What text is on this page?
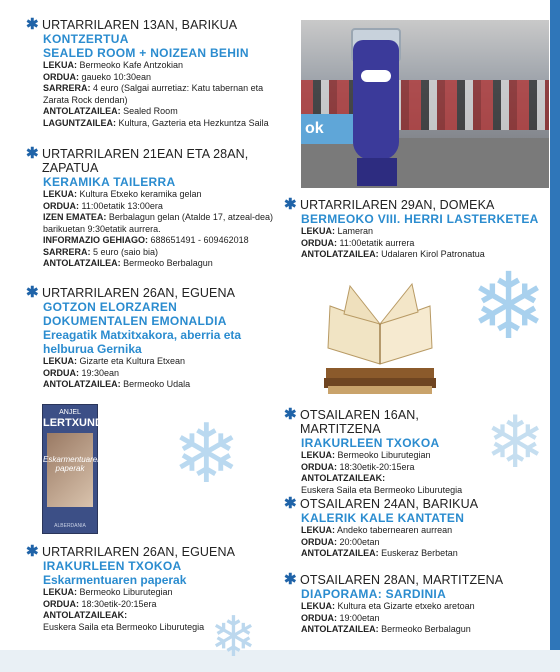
❄
❄	❄
❄
✱ URTARRILAREN 13AN, BARIKUA
KONTZERTUA
SEALED ROOM + NOIZEAN BEHIN
LEKUA: Bermeoko Kafe Antzokian
ORDUA: gaueko 10:30ean
SARRERA: 4 euro (Salgai aurretiaz: Katu tabernan eta Zarata Rock dendan)
ANTOLATZAILEA: Sealed Room
LAGUNTZAILEA: Kultura, Gazteria eta Hezkuntza Saila
✱ URTARRILAREN 21EAN ETA 28AN, ZAPATUA
KERAMIKA TAILERRA
LEKUA: Kultura Etxeko keramika gelan
ORDUA: 11:00etatik 13:00era
IZEN EMATEA: Berbalagun gelan (Atalde 17, atzeal-dea) barikuetan 9:30etatik aurrera.
INFORMAZIO GEHIAGO: 688651491 - 609462018
SARRERA: 5 euro (saio bia)
ANTOLATZAILEA: Bermeoko Berbalagun
✱ URTARRILAREN 26AN, EGUENA
GOTZON ELORZAREN DOKUMENTALEN EMONALDIA
Ereagatik Matxitxakora, aberria eta helburua Gernika
LEKUA: Gizarte eta Kultura Etxean
ORDUA: 19:30ean
ANTOLATZAILEA: Bermeoko Udala
ANJEL
LERTXUNDI
Eskarmentuaren paperak
ALBERDANIA
✱ URTARRILAREN 26AN, EGUENA
IRAKURLEEN TXOKOA
Eskarmentuaren paperak
LEKUA: Bermeoko Liburutegian
ORDUA: 18:30etik-20:15era
ANTOLATZAILEAK:
Euskera Saila eta Bermeoko Liburutegia
ok
✱ URTARRILAREN 29AN, DOMEKA
BERMEOKO VIII. HERRI LASTERKETEA
LEKUA: Lameran
ORDUA: 11:00etatik aurrera
ANTOLATZAILEA: Udalaren Kirol Patronatua
✱ OTSAILAREN 16AN, MARTITZENA
IRAKURLEEN TXOKOA
LEKUA: Bermeoko Liburutegian
ORDUA: 18:30etik-20:15era
ANTOLATZAILEAK:
Euskera Saila eta Bermeoko Liburutegia
✱ OTSAILAREN 24AN, BARIKUA
KALERIK KALE KANTATEN
LEKUA: Andeko tabernearen aurrean
ORDUA: 20:00etan
ANTOLATZAILEA: Euskeraz Berbetan
✱ OTSAILAREN 28AN, MARTITZENA
DIAPORAMA: SARDINIA
LEKUA: Kultura eta Gizarte etxeko aretoan
ORDUA: 19:00etan
ANTOLATZAILEA: Bermeoko Berbalagun
